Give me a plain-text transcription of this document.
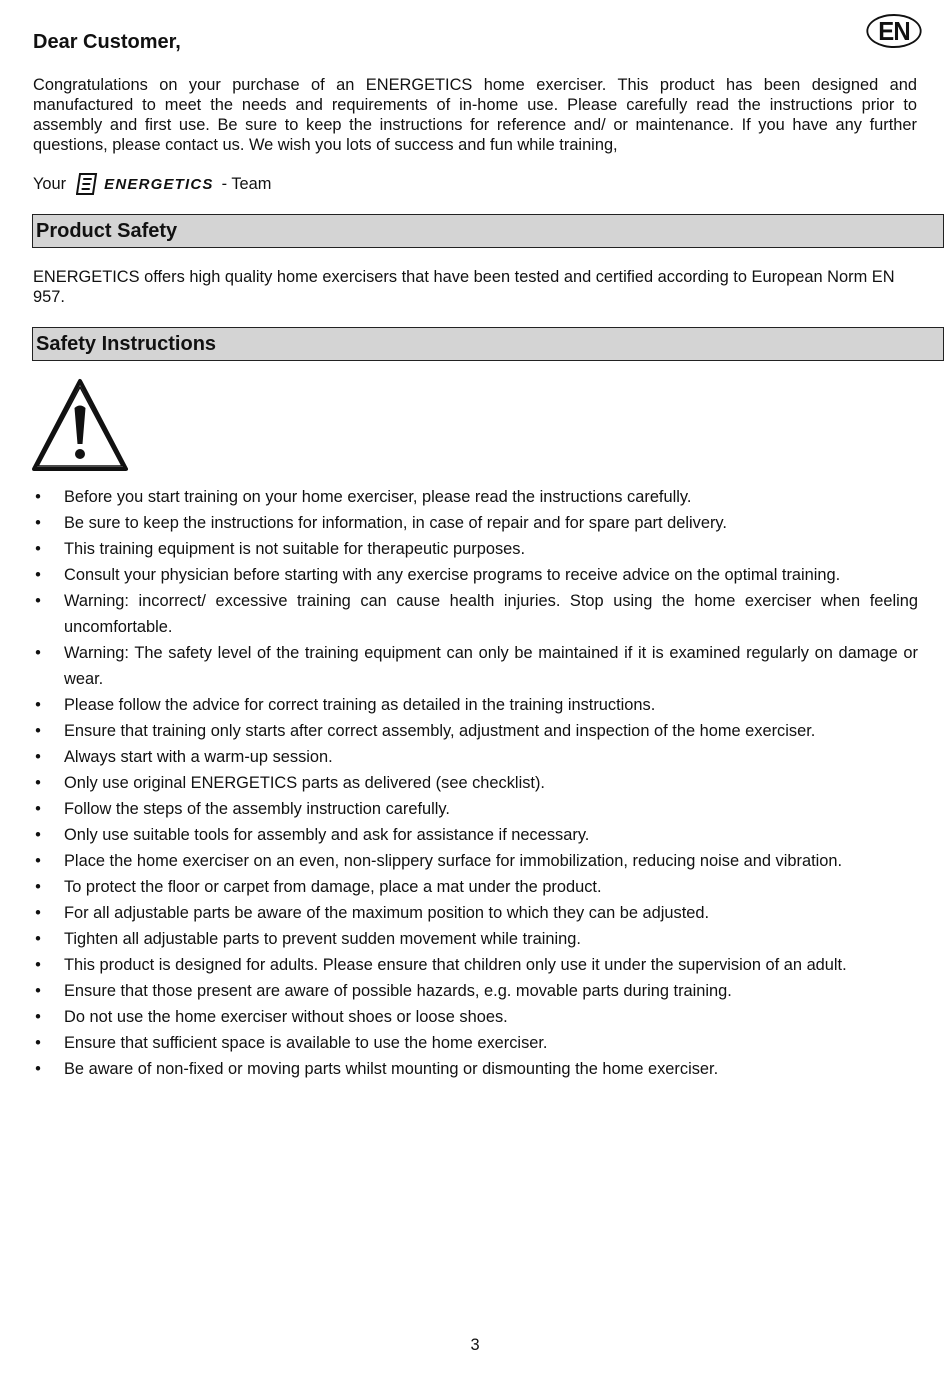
EN
Dear Customer,

Congratulations on your purchase of an ENERGETICS home exerciser. This product has been designed and manufactured to meet the needs and requirements of in-home use. Please carefully read the instructions prior to assembly and first use. Be sure to keep the instructions for reference and/ or maintenance. If you have any further questions, please contact us. We wish you lots of success and fun while training,

Your	ENERGETICS - Team
Product Safety

ENERGETICS offers high quality home exercisers that have been tested and certified according to European Norm EN 957.

Safety Instructions
• Before you start training on your home exerciser, please read the instructions carefully.
• Be sure to keep the instructions for information, in case of repair and for spare part delivery.
• This training equipment is not suitable for therapeutic purposes.
• Consult your physician before starting with any exercise programs to receive advice on the optimal training.
• Warning: incorrect/ excessive training can cause health injuries. Stop using the home exerciser when feeling uncomfortable.
• Warning: The safety level of the training equipment can only be maintained if it is examined regularly on damage or wear.
• Please follow the advice for correct training as detailed in the training instructions.
• Ensure that training only starts after correct assembly, adjustment and inspection of the home exerciser.
• Always start with a warm-up session.
• Only use original ENERGETICS parts as delivered (see checklist).
• Follow the steps of the assembly instruction carefully.
• Only use suitable tools for assembly and ask for assistance if necessary.
• Place the home exerciser on an even, non-slippery surface for immobilization, reducing noise and vibration.
• To protect the floor or carpet from damage, place a mat under the product.
• For all adjustable parts be aware of the maximum position to which they can be adjusted.
• Tighten all adjustable parts to prevent sudden movement while training.
• This product is designed for adults. Please ensure that children only use it under the supervision of an adult.
• Ensure that those present are aware of possible hazards, e.g. movable parts during training.
• Do not use the home exerciser without shoes or loose shoes.
• Ensure that sufficient space is available to use the home exerciser.
• Be aware of non-fixed or moving parts whilst mounting or dismounting the home exerciser.
3
